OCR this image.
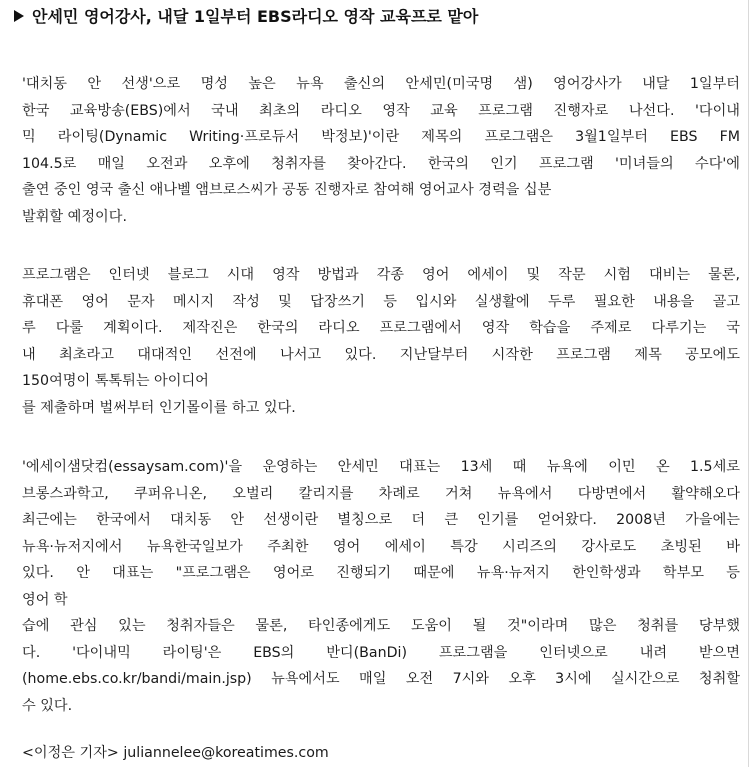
안세민 영어강사, 내달 1일부터 EBS라디오 영작 교육프로 맡아
'대치동 안 선생'으로 명성 높은 뉴욕 출신의 안세민(미국명 샘) 영어강사가 내달 1일부터
한국 교육방송(EBS)에서 국내 최초의 라디오 영작 교육 프로그램 진행자로 나선다. '다이내
믹 라이팅(Dynamic Writing·프로듀서 박정보)'이란 제목의 프로그램은 3월1일부터 EBS FM
104.5로 매일 오전과 오후에 청취자를 찾아간다. 한국의 인기 프로그램 '미녀들의 수다'에
출연 중인 영국 출신 애나벨 앰브로스씨가 공동 진행자로 참여해 영어교사 경력을 십분
발휘할 예정이다.
프로그램은 인터넷 블로그 시대 영작 방법과 각종 영어 에세이 및 작문 시험 대비는 물론,
휴대폰 영어 문자 메시지 작성 및 답장쓰기 등 입시와 실생활에 두루 필요한 내용을 골고
루 다룰 계획이다. 제작진은 한국의 라디오 프로그램에서 영작 학습을 주제로 다루기는 국
내 최초라고 대대적인 선전에 나서고 있다. 지난달부터 시작한 프로그램 제목 공모에도
150여명이 톡톡튀는 아이디어
를 제출하며 벌써부터 인기몰이를 하고 있다.
'에세이샘닷컴(essaysam.com)'을 운영하는 안세민 대표는 13세 때 뉴욕에 이민 온 1.5세로
브롱스과학고, 쿠퍼유니온, 오벌리 칼리지를 차례로 거쳐 뉴욕에서 다방면에서 활약해오다
최근에는 한국에서 대치동 안 선생이란 별칭으로 더 큰 인기를 얻어왔다. 2008년 가을에는
뉴욕·뉴저지에서 뉴욕한국일보가 주최한 영어 에세이 특강 시리즈의 강사로도 초빙된 바
있다. 안 대표는 "프로그램은 영어로 진행되기 때문에 뉴욕·뉴저지 한인학생과 학부모 등
영어 학
습에 관심 있는 청취자들은 물론, 타인종에게도 도움이 될 것"이라며 많은 청취를 당부했
다. '다이내믹 라이팅'은 EBS의 반디(BanDi) 프로그램을 인터넷으로 내려 받으면
(home.ebs.co.kr/bandi/main.jsp) 뉴욕에서도 매일 오전 7시와 오후 3시에 실시간으로 청취할
수 있다.
<이정은 기자> juliannelee@koreatimes.com
